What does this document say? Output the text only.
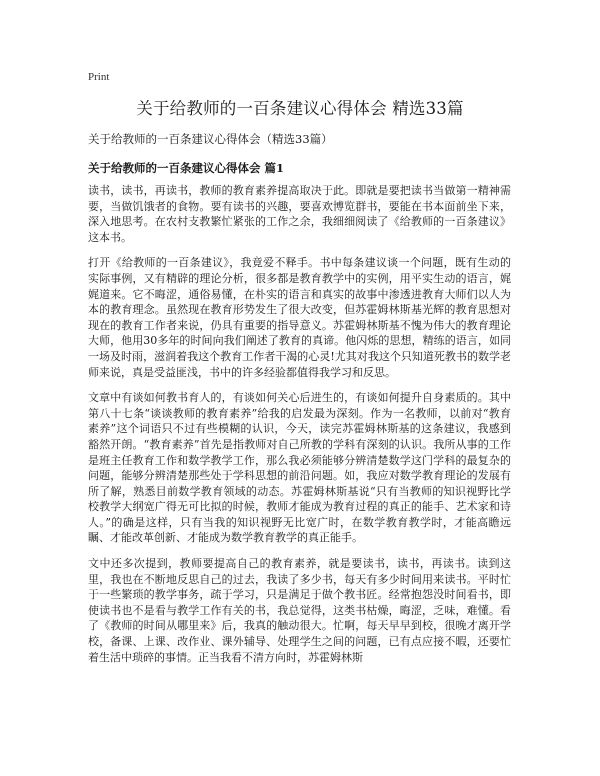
Print
关于给教师的一百条建议心得体会 精选33篇

关于给教师的一百条建议心得体会（精选33篇）

关于给教师的一百条建议心得体会 篇1

读书，读书，再读书，教师的教育素养提高取决于此。即就是要把读书当做第一精神需要，当做饥饿者的食物。要有读书的兴趣，要喜欢博览群书，要能在书本面前坐下来，深入地思考。在农村支教繁忙紧张的工作之余，我细细阅读了《给教师的一百条建议》这本书。

打开《给教师的一百条建议》，我竟爱不释手。书中每条建议谈一个问题，既有生动的实际事例，又有精辟的理论分析，很多都是教育教学中的实例，用平实生动的语言，娓娓道来。它不晦涩，通俗易懂，在朴实的语言和真实的故事中渗透进教育大师们以人为本的教育理念。虽然现在教育形势发生了很大改变，但苏霍姆林斯基光辉的教育思想对现在的教育工作者来说，仍具有重要的指导意义。苏霍姆林斯基不愧为伟大的教育理论大师，他用30多年的时间向我们阐述了教育的真谛。他闪烁的思想，精练的语言，如同一场及时雨，滋润着我这个教育工作者干渴的心灵!尤其对我这个只知道死教书的数学老师来说，真是受益匪浅，书中的许多经验都值得我学习和反思。

文章中有谈如何教书育人的，有谈如何关心后进生的，有谈如何提升自身素质的。其中第八十七条“谈谈教师的教育素养”给我的启发最为深刻。作为一名教师，以前对“教育素养”这个词语只不过有些模糊的认识，今天，读完苏霍姆林斯基的这条建议，我感到豁然开朗。“教育素养”首先是指教师对自己所教的学科有深刻的认识。我所从事的工作是班主任教育工作和数学教学工作，那么我必须能够分辨清楚数学这门学科的最复杂的问题，能够分辨清楚那些处于学科思想的前沿问题。如，我应对数学教育理论的发展有所了解，熟悉目前数学教育领域的动态。苏霍姆林斯基说“只有当教师的知识视野比学校教学大纲宽广得无可比拟的时候，教师才能成为教育过程的真正的能手、艺术家和诗人。”的确是这样，只有当我的知识视野无比宽广时，在数学教育教学时，才能高瞻远瞩、才能改革创新、才能成为数学教育教学的真正能手。

文中还多次提到，教师要提高自己的教育素养，就是要读书，读书，再读书。读到这里，我也在不断地反思自己的过去，我读了多少书，每天有多少时间用来读书。平时忙于一些繁琐的教学事务，疏于学习，只是满足于做个教书匠。经常抱怨没时间看书，即使读书也不是看与教学工作有关的书，我总觉得，这类书枯燥，晦涩，乏味，难懂。看了《教师的时间从哪里来》后，我真的触动很大。忙啊，每天早早到校，很晚才离开学校，备课、上课、改作业、课外辅导、处理学生之间的问题，已有点应接不暇，还要忙着生活中琐碎的事情。正当我看不清方向时，苏霍姆林斯
